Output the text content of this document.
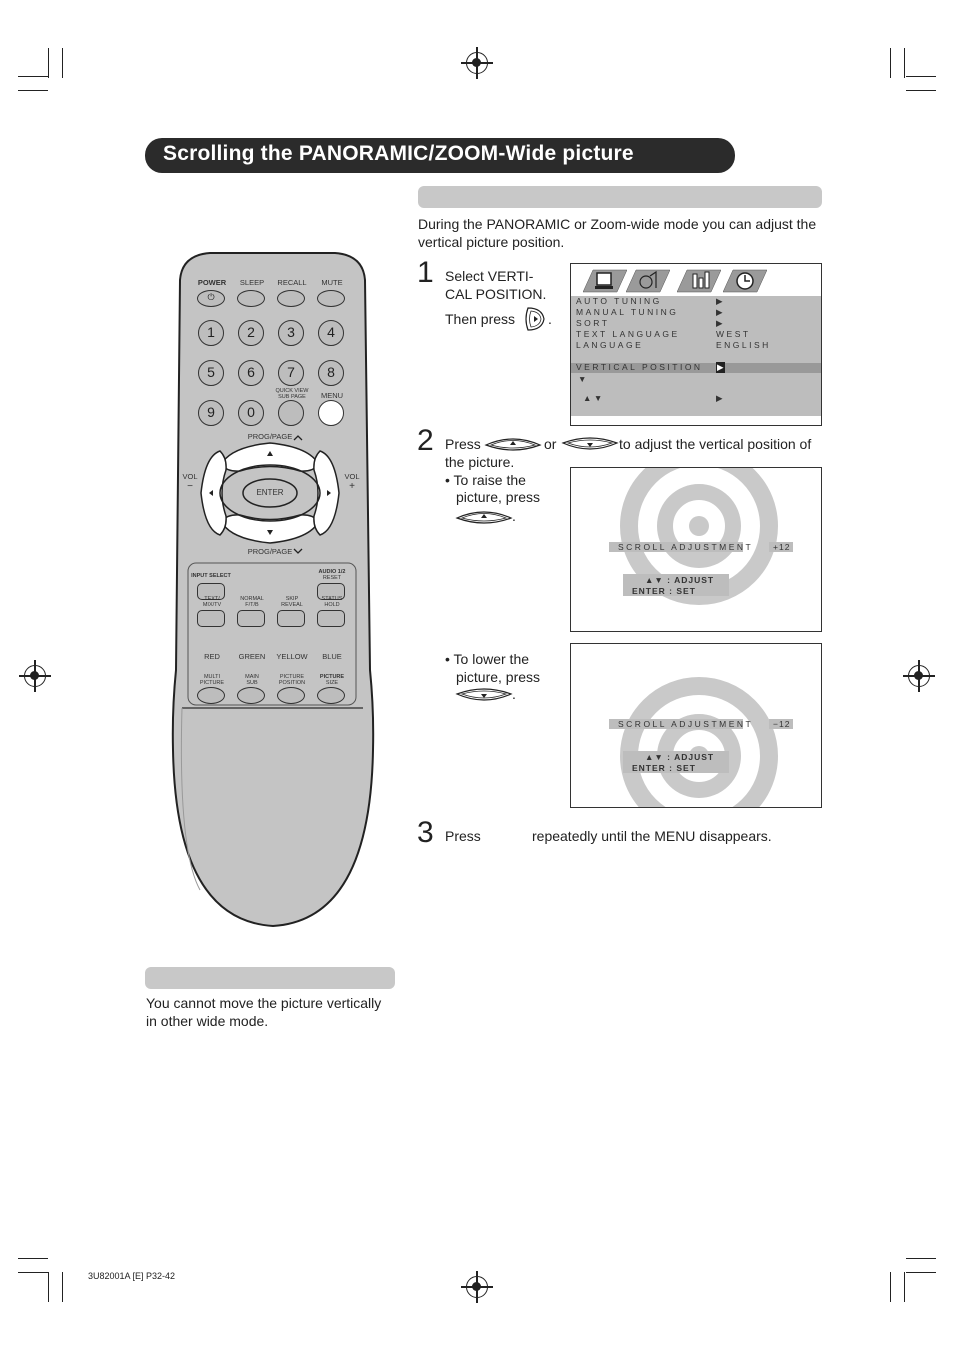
Scrolling the PANORAMIC/ZOOM-Wide picture
During the PANORAMIC or Zoom-wide mode you can adjust the vertical picture position.
1 Select VERTI-
CAL POSITION.
Then press .
AUTO TUNING	▶
MANUAL TUNING	▶
SORT	▶
TEXT LANGUAGE	WEST
LANGUAGE	ENGLISH
VERTICAL POSITION ▶
▼
▲▼	▶
2 Press	or	to adjust the vertical position of
the picture.
• To raise the
picture, press
.
SCROLL ADJUSTMENT +12
▲▼ : ADJUST
ENTER : SET
• To lower the
picture, press
.
SCROLL ADJUSTMENT −12
▲▼ : ADJUST
ENTER : SET
3 Press	repeatedly until the MENU disappears.
You cannot move the picture vertically in other wide mode.
3U82001A [E] P32-42
POWER	SLEEP	RECALL	MUTE
⏻
1	2	3	4
5	6	7	8
9	0
QUICK VIEW
SUB PAGE	MENU
PROG/PAGE
PROG/PAGE
VOL
−
VOL
+
ENTER
INPUT SELECT
AUDIO 1/2
RESET
TEXT/
MIX/TV
NORMAL
F/T/B
SKIP
REVEAL
STATUS
HOLD
RED	GREEN	YELLOW	BLUE
MULTI
PICTURE
MAIN
SUB
PICTURE
POSITION
PICTURE
SIZE
